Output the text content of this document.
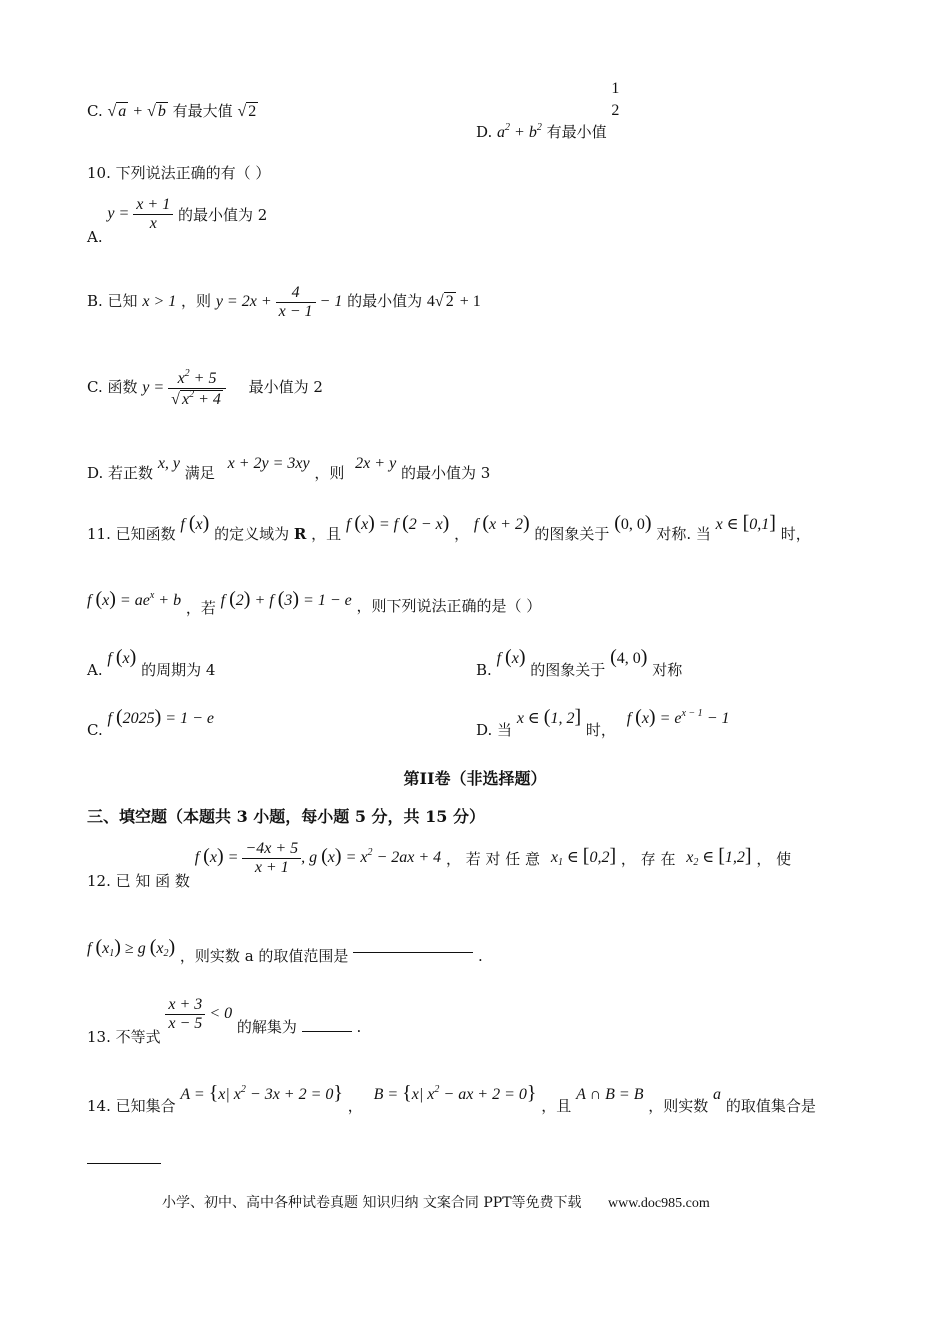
C. √ a + √ b 有最大值 √ 2
D. $a^2 + b^2$ 有最小值
1
2
10. 下列说法正确的有（ ）
A. $y = \frac{x + 1}{x}$ 的最小值为 2
B. 已知 x > 1 ，则 $y = 2x + \frac{4}{x - 1} - 1$ 的最小值为 4√ 2 + 1
C. 函数 $y = \frac{x^2 + 5}{√ x^2 + 4}$ 最小值为 2
D. 若正数 x, y 满足 x + 2y = 3xy ，则 2x + y 的最小值为 3
11. 已知函数 f (x) 的定义域为 R ，且 f (x) = f (2 − x) ， f (x + 2) 的图象关于 (0, 0) 对称. 当 x ∈ [0,1] 时，
f $(x) = ae^x + b$ ，若 f (2) + f (3) = 1 − e ，则下列说法正确的是（ ）
A. f (x) 的周期为 4	B. f (x) 的图象关于 (4, 0) 对称
C. f (2025) = 1 − e
D. 当 x ∈ (1, 2] 时， f $(x) = e^{x - 1} - 1$
第II卷（非选择题）
三、填空题（本题共 3 小题，每小题 5 分，共 15 分）
12. 已 知 函 数 f $(x) = \frac{-4x + 5}{x + 1}$ , g $(x) = x^2 - 2ax + 4$ ， 若 对 任 意 $x_1$ ∈ [0,2] ， 存 在 $x_2$ ∈ [1,2] ， 使
f $(x_1) \ge g$ $(x_2)$ ，则实数 a 的取值范围是	.
13. 不等式
$\frac{x + 3}{x - 5} < 0$ 的解集为	.
14. 已知集合 A = {x| $x^2 - 3x + 2 = 0$} ， B = {x| $x^2$ − ax + 2 = 0} ，且 A ∩ B = B ，则实数 a 的取值集合是
小学、初中、高中各种试卷真题 知识归纳 文案合同 PPT等免费下载 www.doc985.com
